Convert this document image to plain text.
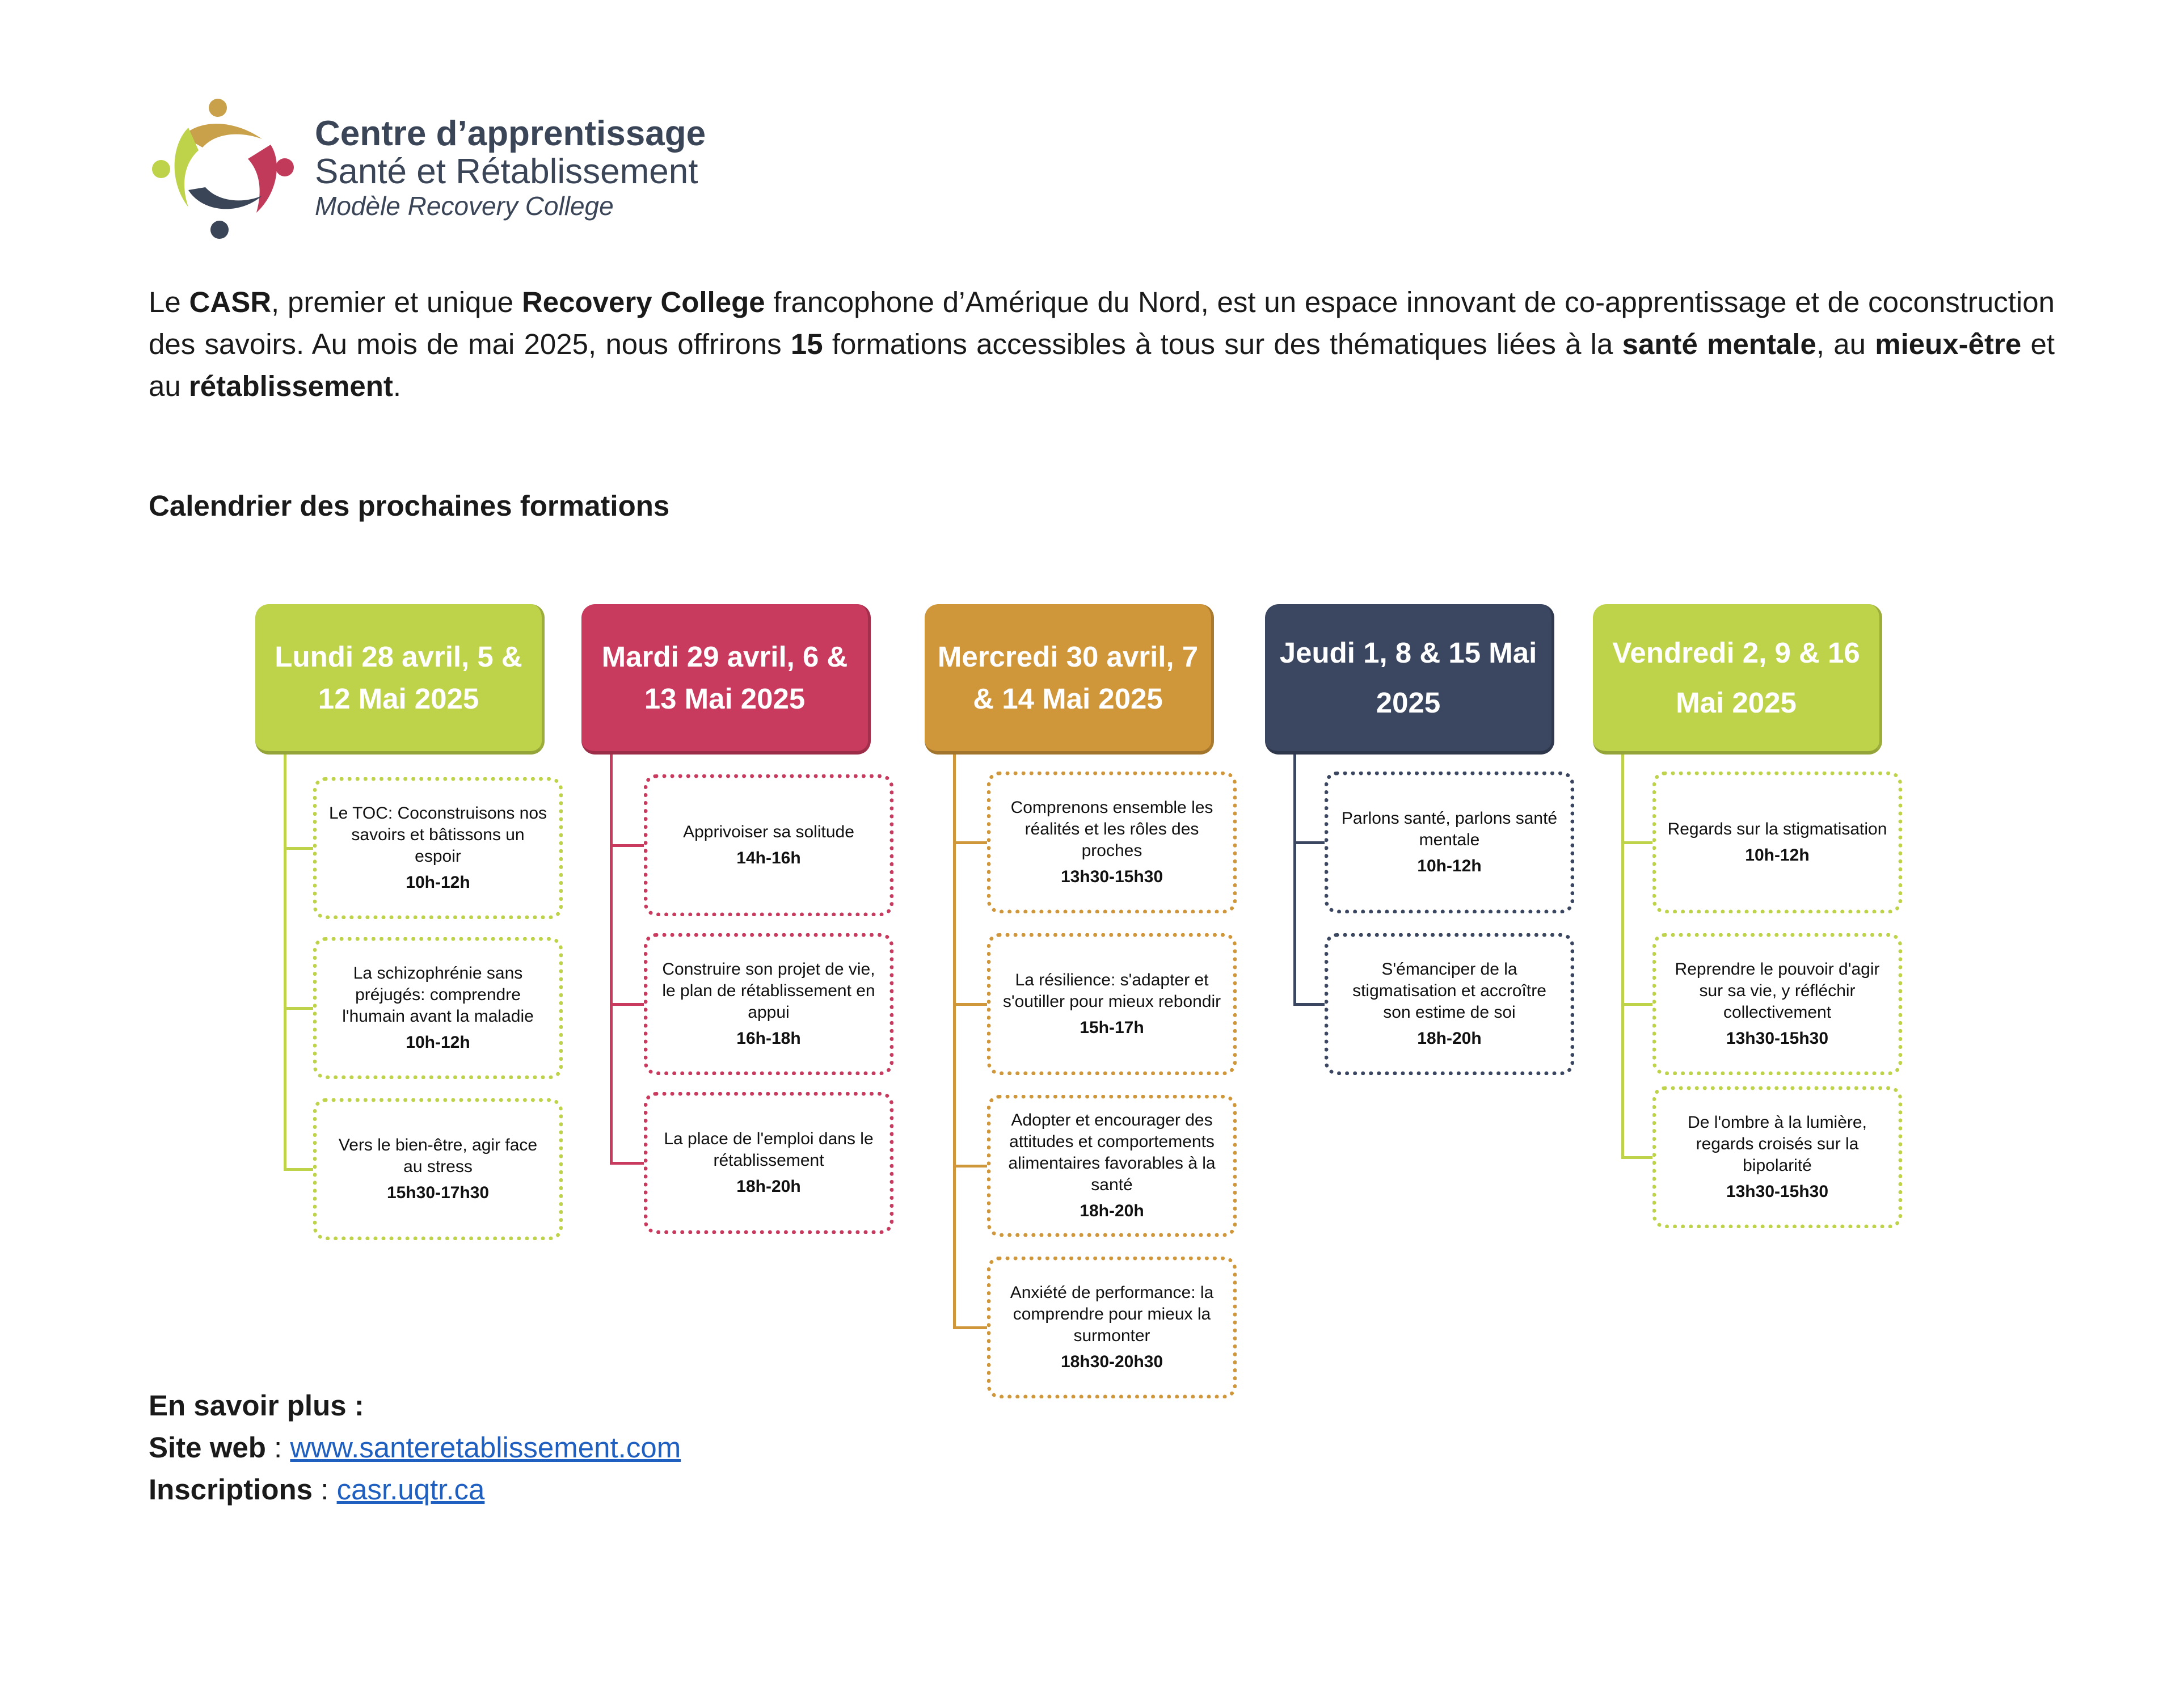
Centre d’apprentissage
Santé et Rétablissement
Modèle Recovery College

Le CASR, premier et unique Recovery College francophone d’Amérique du Nord, est un espace innovant de co-apprentissage et de coconstruction des savoirs. Au mois de mai 2025, nous offrirons 15 formations accessibles à tous sur des thématiques liées à la santé mentale, au mieux-être et au rétablissement.

Calendrier des prochaines formations
Lundi 28 avril, 5 & 12 Mai 2025
Le TOC: Coconstruisons nos savoirs et bâtissons un espoir
10h-12h
La schizophrénie sans préjugés: comprendre l'humain avant la maladie
10h-12h
Vers le bien-être, agir face au stress
15h30-17h30
Mardi 29 avril, 6 & 13 Mai 2025
Apprivoiser sa solitude
14h-16h
Construire son projet de vie, le plan de rétablissement en appui
16h-18h
La place de l'emploi dans le rétablissement
18h-20h
Mercredi 30 avril, 7 & 14 Mai 2025
Comprenons ensemble les réalités et les rôles des proches
13h30-15h30
La résilience: s'adapter et s'outiller pour mieux rebondir
15h-17h
Adopter et encourager des attitudes et comportements alimentaires favorables à la santé
18h-20h
Anxiété de performance: la comprendre pour mieux la surmonter
18h30-20h30
Jeudi 1, 8 & 15 Mai 2025
Parlons santé, parlons santé mentale
10h-12h
S'émanciper de la stigmatisation et accroître son estime de soi
18h-20h
Vendredi 2, 9 & 16 Mai 2025
Regards sur la stigmatisation
10h-12h
Reprendre le pouvoir d'agir sur sa vie, y réfléchir collectivement
13h30-15h30
De l'ombre à la lumière, regards croisés sur la bipolarité
13h30-15h30
En savoir plus :
Site web : www.santeretablissement.com
Inscriptions : casr.uqtr.ca
